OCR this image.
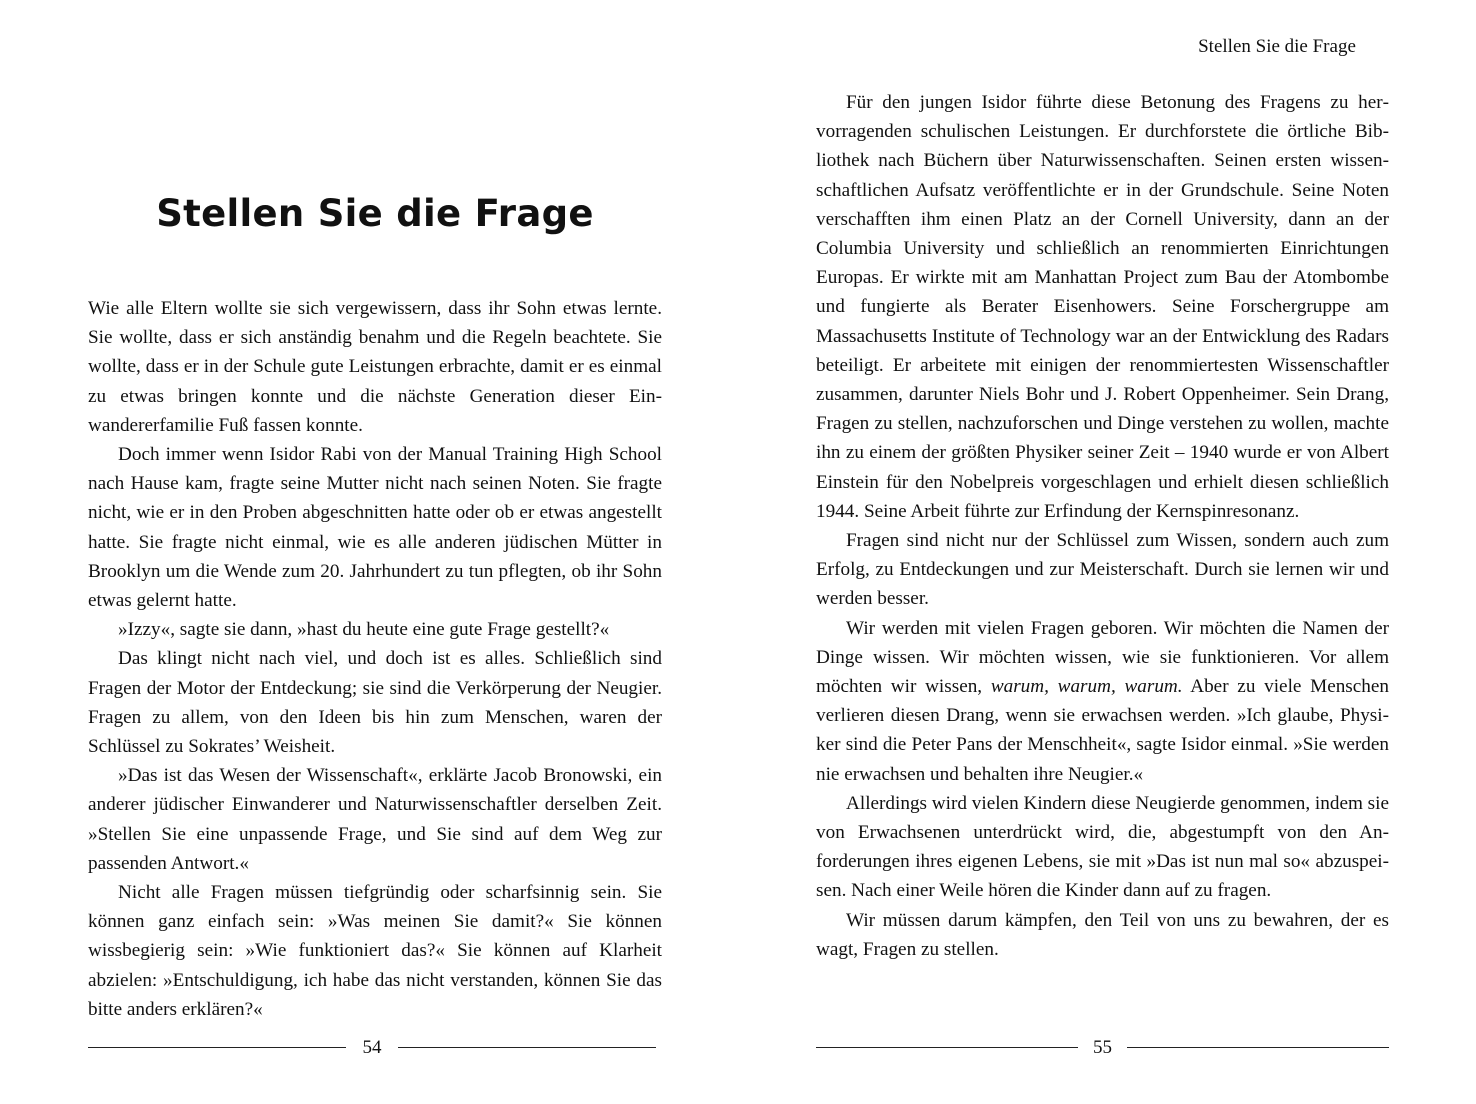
Stellen Sie die Frage

Wie alle Eltern wollte sie sich vergewissern, dass ihr Sohn etwas lernte. Sie wollte, dass er sich anständig benahm und die Regeln beachtete. Sie wollte, dass er in der Schule gute Leistungen erbrachte, damit er es einmal zu etwas bringen konnte und die nächste Generation dieser Einwandererfamilie Fuß fassen konnte.

Doch immer wenn Isidor Rabi von der Manual Training High School nach Hause kam, fragte seine Mutter nicht nach seinen Noten. Sie fragte nicht, wie er in den Proben abgeschnitten hatte oder ob er etwas angestellt hatte. Sie fragte nicht einmal, wie es alle anderen jüdischen Mütter in Brooklyn um die Wende zum 20. Jahrhundert zu tun pflegten, ob ihr Sohn etwas gelernt hatte.

»Izzy«, sagte sie dann, »hast du heute eine gute Frage gestellt?«

Das klingt nicht nach viel, und doch ist es alles. Schließlich sind Fragen der Motor der Entdeckung; sie sind die Verkörperung der Neugier. Fragen zu allem, von den Ideen bis hin zum Menschen, waren der Schlüssel zu Sokrates’ Weisheit.

»Das ist das Wesen der Wissenschaft«, erklärte Jacob Bronowski, ein anderer jüdischer Einwanderer und Naturwissenschaftler derselben Zeit. »Stellen Sie eine unpassende Frage, und Sie sind auf dem Weg zur passenden Antwort.«

Nicht alle Fragen müssen tiefgründig oder scharfsinnig sein. Sie können ganz einfach sein: »Was meinen Sie damit?« Sie können wissbegierig sein: »Wie funktioniert das?« Sie können auf Klarheit abzielen: »Entschuldigung, ich habe das nicht verstanden, können Sie das bitte anders erklären?«

54
Stellen Sie die Frage

Für den jungen Isidor führte diese Betonung des Fragens zu hervorragenden schulischen Leistungen. Er durchforstete die örtliche Bibliothek nach Büchern über Naturwissenschaften. Seinen ersten wissenschaftlichen Aufsatz veröffentlichte er in der Grundschule. Seine Noten verschafften ihm einen Platz an der Cornell University, dann an der Columbia University und schließlich an renommierten Einrichtungen Europas. Er wirkte mit am Manhattan Project zum Bau der Atombombe und fungierte als Berater Eisenhowers. Seine Forschergruppe am Massachusetts Institute of Technology war an der Entwicklung des Radars beteiligt. Er arbeitete mit einigen der renommiertesten Wissenschaftler zusammen, darunter Niels Bohr und J. Robert Oppenheimer. Sein Drang, Fragen zu stellen, nachzuforschen und Dinge verstehen zu wollen, machte ihn zu einem der größten Physiker seiner Zeit – 1940 wurde er von Albert Einstein für den Nobelpreis vorgeschlagen und erhielt diesen schließlich 1944. Seine Arbeit führte zur Erfindung der Kernspinresonanz.

Fragen sind nicht nur der Schlüssel zum Wissen, sondern auch zum Erfolg, zu Entdeckungen und zur Meisterschaft. Durch sie lernen wir und werden besser.

Wir werden mit vielen Fragen geboren. Wir möchten die Namen der Dinge wissen. Wir möchten wissen, wie sie funktionieren. Vor allem möchten wir wissen, warum, warum, warum. Aber zu viele Menschen verlieren diesen Drang, wenn sie erwachsen werden. »Ich glaube, Physiker sind die Peter Pans der Menschheit«, sagte Isidor einmal. »Sie werden nie erwachsen und behalten ihre Neugier.«

Allerdings wird vielen Kindern diese Neugierde genommen, indem sie von Erwachsenen unterdrückt wird, die, abgestumpft von den Anforderungen ihres eigenen Lebens, sie mit »Das ist nun mal so« abzuspeisen. Nach einer Weile hören die Kinder dann auf zu fragen.

Wir müssen darum kämpfen, den Teil von uns zu bewahren, der es wagt, Fragen zu stellen.

55
